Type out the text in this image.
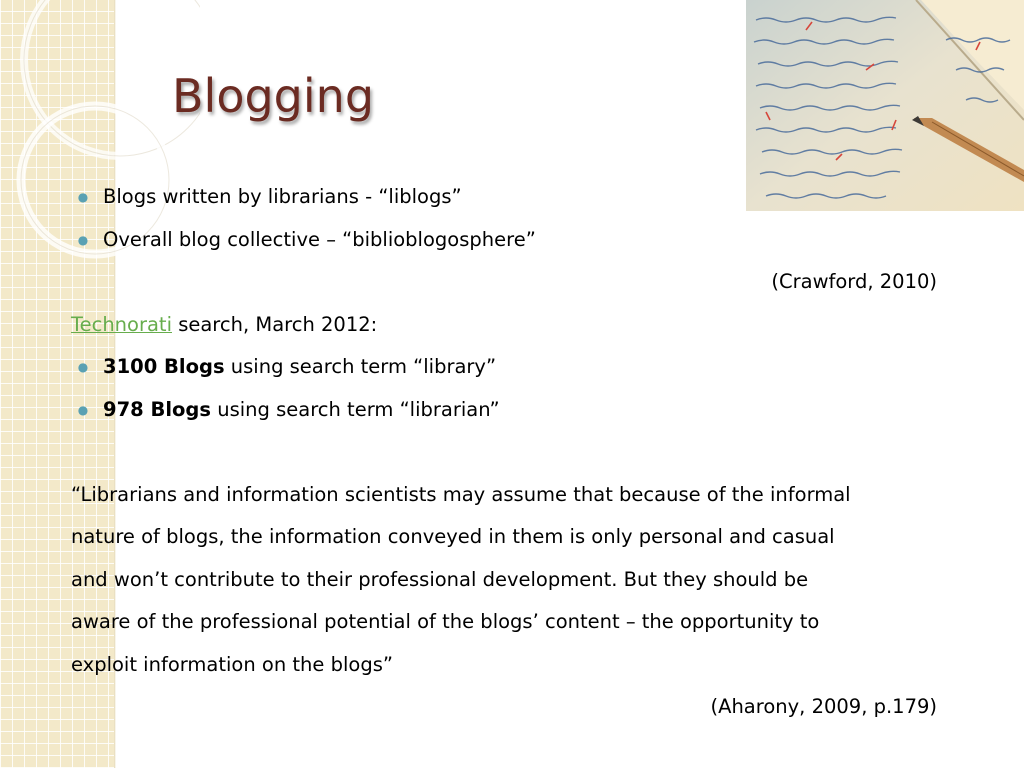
Blogging
● Blogs written by librarians - “liblogs”
● Overall blog collective – “biblioblogosphere”
(Crawford, 2010)
Technorati search, March 2012:
● 3100 Blogs using search term “library”
● 978 Blogs using search term “librarian”
“Librarians and information scientists may assume that because of the informal
nature of blogs, the information conveyed in them is only personal and casual
and won’t contribute to their professional development. But they should be
aware of the professional potential of the blogs’ content – the opportunity to
exploit information on the blogs”
(Aharony, 2009, p.179)
